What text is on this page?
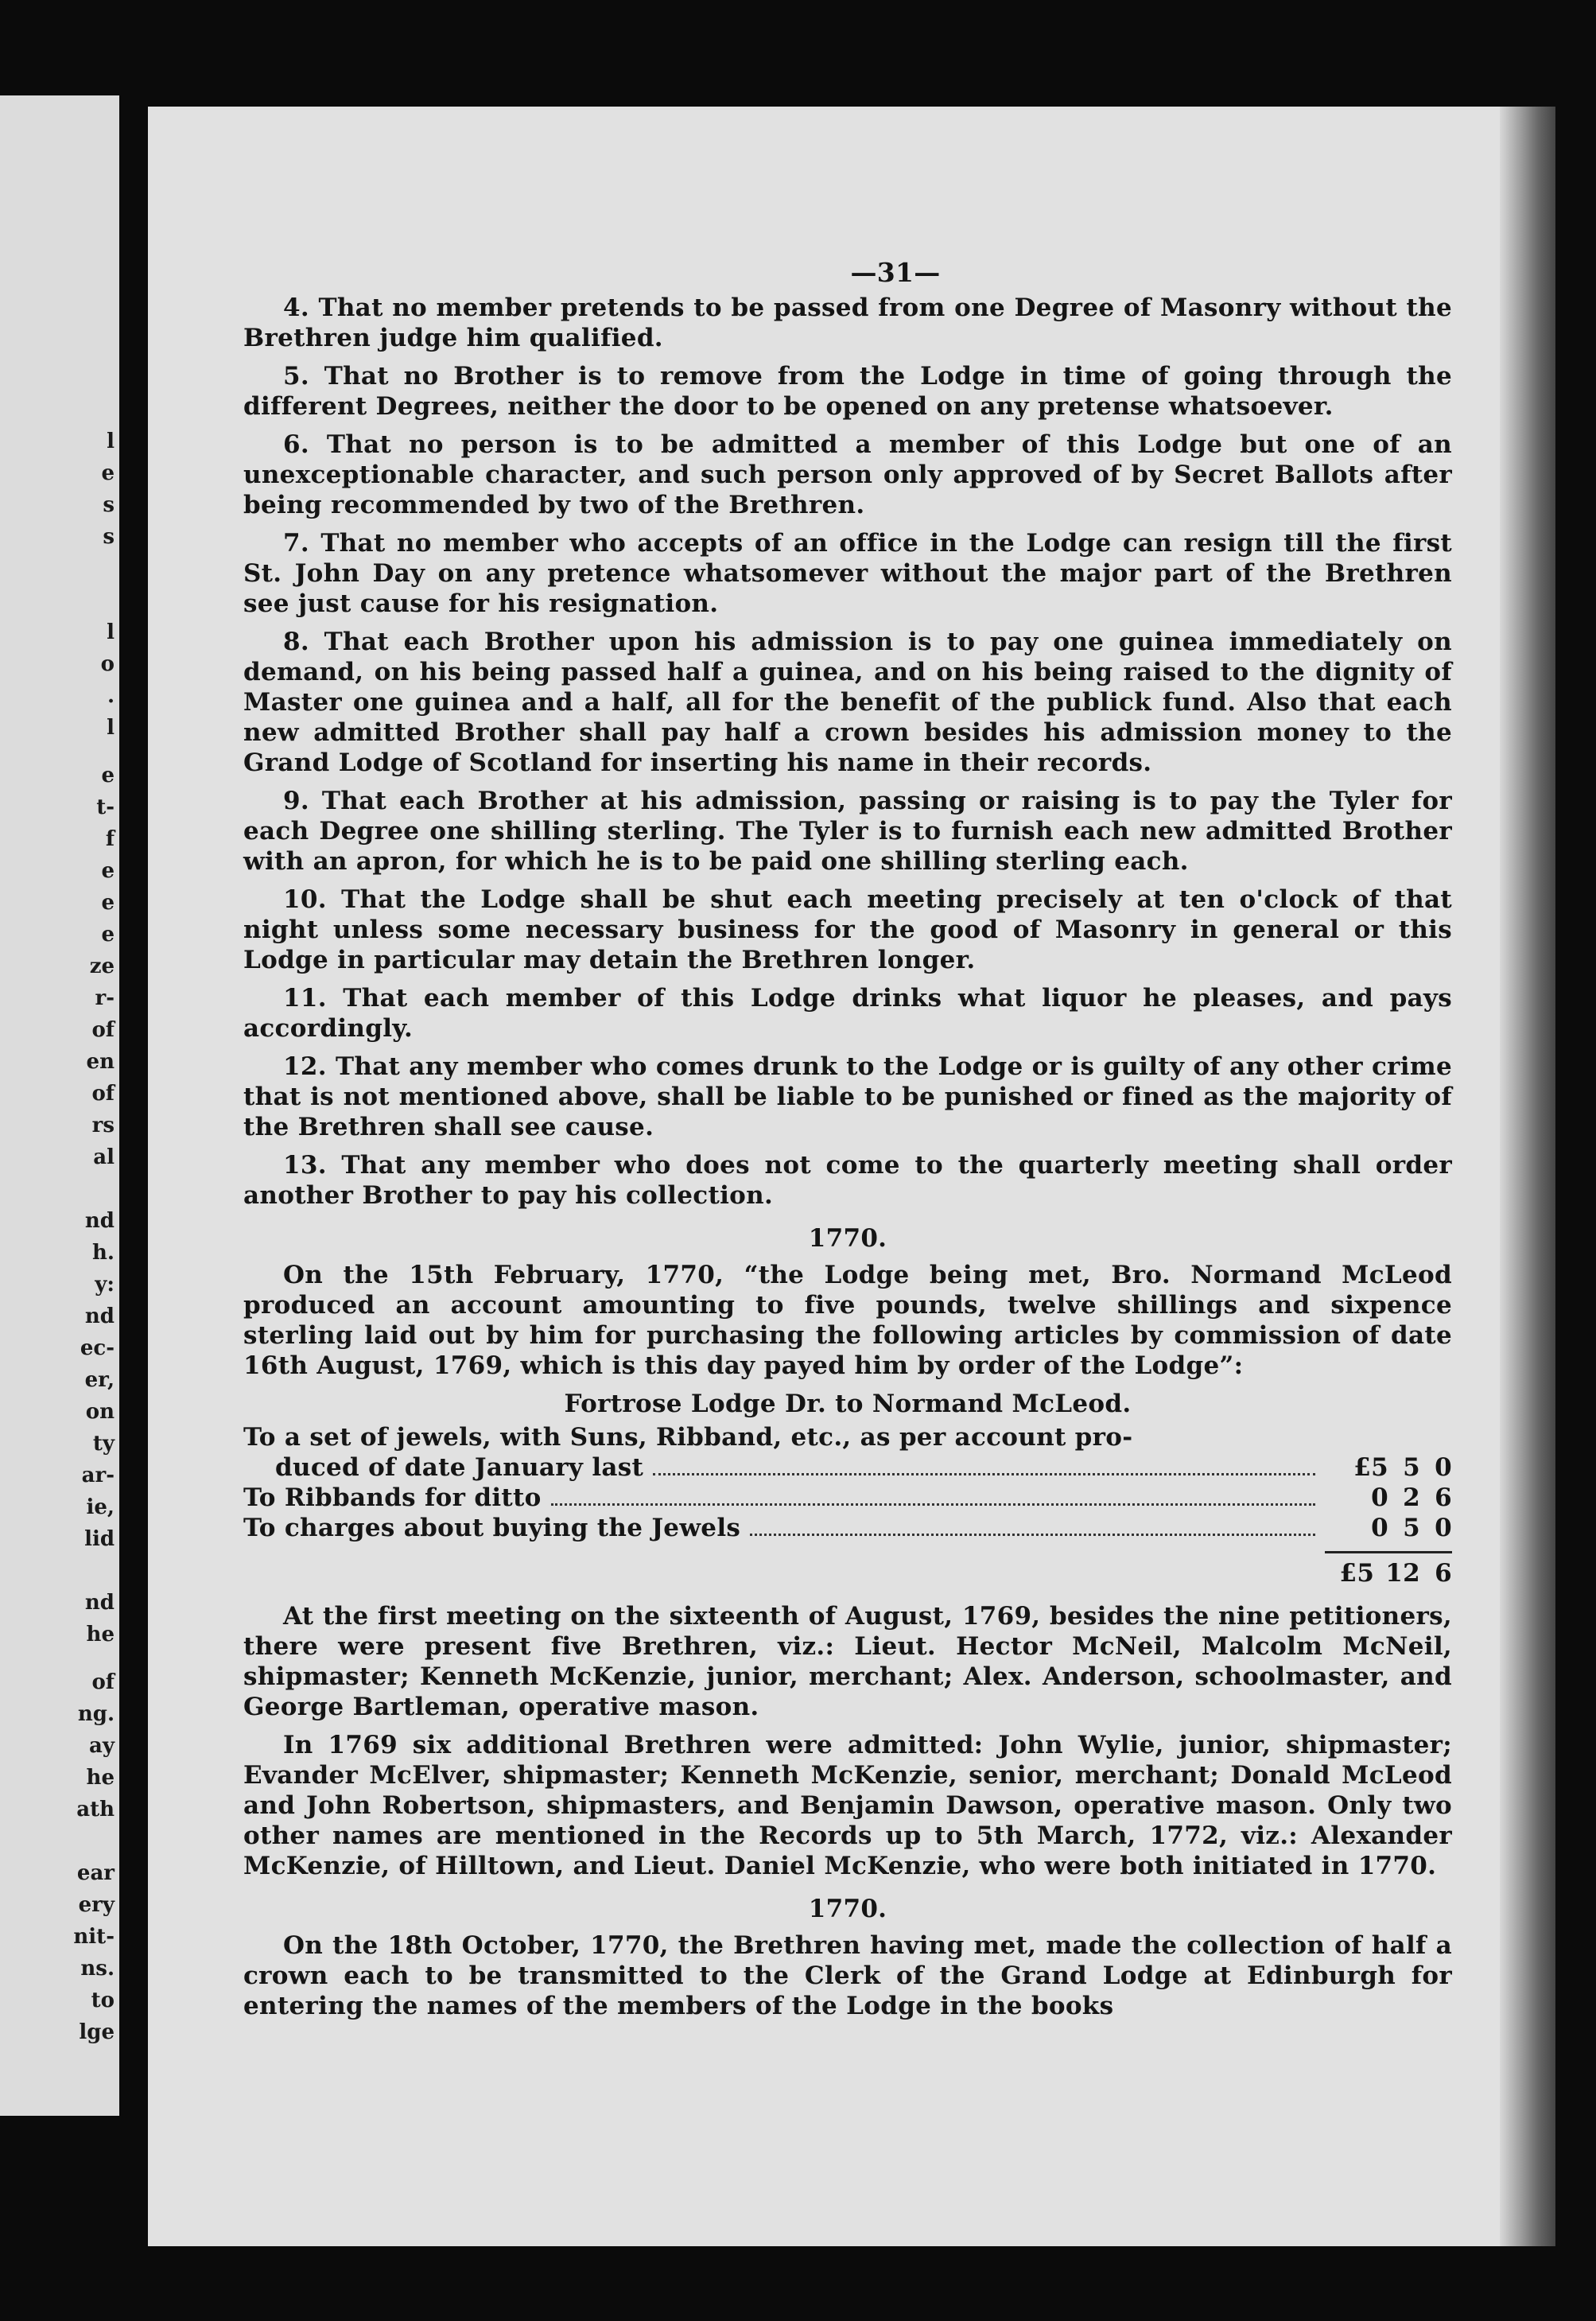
l
e
s
s
l
o
.
l
e
t-
f
e
e
e
ze
r-
of
en
of
rs
al
nd
h.
y:
nd
ec-
er,
on
ty
ar-
ie,
lid
nd
he
of
ng.
ay
he
ath
ear
ery
nit-
ns.
to
lge
—31—
4. That no member pretends to be passed from one Degree of Masonry without the Brethren judge him qualified.
5. That no Brother is to remove from the Lodge in time of going through the different Degrees, neither the door to be opened on any pretense whatsoever.
6. That no person is to be admitted a member of this Lodge but one of an unexceptionable character, and such person only approved of by Secret Ballots after being recommended by two of the Brethren.
7. That no member who accepts of an office in the Lodge can resign till the first St. John Day on any pretence whatsomever without the major part of the Brethren see just cause for his resignation.
8. That each Brother upon his admission is to pay one guinea immediately on demand, on his being passed half a guinea, and on his being raised to the dignity of Master one guinea and a half, all for the benefit of the publick fund. Also that each new admitted Brother shall pay half a crown besides his admission money to the Grand Lodge of Scotland for inserting his name in their records.
9. That each Brother at his admission, passing or raising is to pay the Tyler for each Degree one shilling sterling. The Tyler is to furnish each new admitted Brother with an apron, for which he is to be paid one shilling sterling each.
10. That the Lodge shall be shut each meeting precisely at ten o'clock of that night unless some necessary business for the good of Masonry in general or this Lodge in particular may detain the Brethren longer.
11. That each member of this Lodge drinks what liquor he pleases, and pays accordingly.
12. That any member who comes drunk to the Lodge or is guilty of any other crime that is not mentioned above, shall be liable to be punished or fined as the majority of the Brethren shall see cause.
13. That any member who does not come to the quarterly meeting shall order another Brother to pay his collection.
1770.
On the 15th February, 1770, “the Lodge being met, Bro. Normand McLeod produced an account amounting to five pounds, twelve shillings and sixpence sterling laid out by him for purchasing the following articles by commission of date 16th August, 1769, which is this day payed him by order of the Lodge”:
Fortrose Lodge Dr. to Normand McLeod.
To a set of jewels, with Suns, Ribband, etc., as per account pro-
duced of date January last	£5 5 0
To Ribbands for ditto	0 2 6
To charges about buying the Jewels	0 5 0
£5 12 6
At the first meeting on the sixteenth of August, 1769, besides the nine petitioners, there were present five Brethren, viz.: Lieut. Hector McNeil, Malcolm McNeil, shipmaster; Kenneth McKenzie, junior, merchant; Alex. Anderson, schoolmaster, and George Bartleman, operative mason.
In 1769 six additional Brethren were admitted: John Wylie, junior, shipmaster; Evander McElver, shipmaster; Kenneth McKenzie, senior, merchant; Donald McLeod and John Robertson, shipmasters, and Benjamin Dawson, operative mason. Only two other names are mentioned in the Records up to 5th March, 1772, viz.: Alexander McKenzie, of Hilltown, and Lieut. Daniel McKenzie, who were both initiated in 1770.
1770.
On the 18th October, 1770, the Brethren having met, made the collection of half a crown each to be transmitted to the Clerk of the Grand Lodge at Edinburgh for entering the names of the members of the Lodge in the books
